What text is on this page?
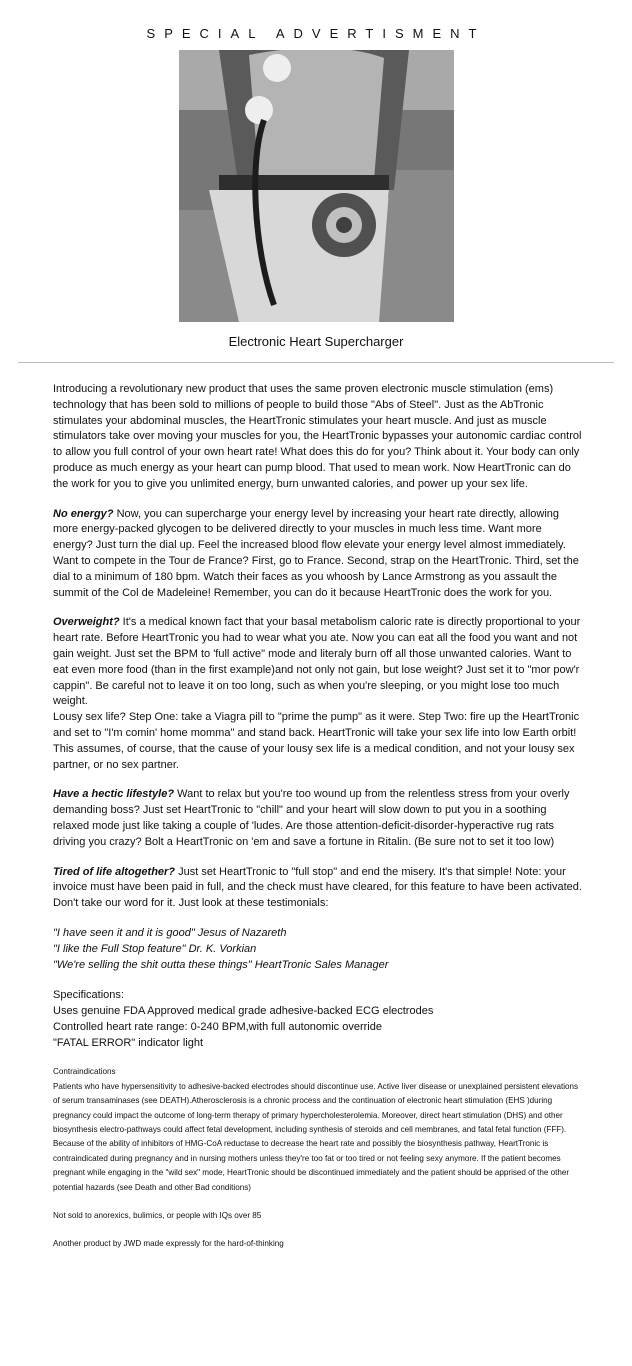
SPECIAL ADVERTISMENT
Electronic Heart Supercharger

Introducing a revolutionary new product that uses the same proven electronic muscle stimulation (ems) technology that has been sold to millions of people to build those "Abs of Steel". Just as the AbTronic stimulates your abdominal muscles, the HeartTronic stimulates your heart muscle. And just as muscle stimulators take over moving your muscles for you, the HeartTronic bypasses your autonomic cardiac control to allow you full control of your own heart rate! What does this do for you? Think about it. Your body can only produce as much energy as your heart can pump blood. That used to mean work. Now HeartTronic can do the work for you to give you unlimited energy, burn unwanted calories, and power up your sex life.

No energy? Now, you can supercharge your energy level by increasing your heart rate directly, allowing more energy-packed glycogen to be delivered directly to your muscles in much less time. Want more energy? Just turn the dial up. Feel the increased blood flow elevate your energy level almost immediately. Want to compete in the Tour de France? First, go to France. Second, strap on the HeartTronic. Third, set the dial to a minimum of 180 bpm. Watch their faces as you whoosh by Lance Armstrong as you assault the summit of the Col de Madeleine! Remember, you can do it because HeartTronic does the work for you.

Overweight? It's a medical known fact that your basal metabolism caloric rate is directly proportional to your heart rate. Before HeartTronic you had to wear what you ate. Now you can eat all the food you want and not gain weight. Just set the BPM to 'full active" mode and literaly burn off all those unwanted calories. Want to eat even more food (than in the first example)and not only not gain, but lose weight? Just set it to "mor pow'r cappin". Be careful not to leave it on too long, such as when you're sleeping, or you might lose too much weight.
Lousy sex life? Step One: take a Viagra pill to "prime the pump" as it were. Step Two: fire up the HeartTronic and set to "I'm comin' home momma" and stand back. HeartTronic will take your sex life into low Earth orbit! This assumes, of course, that the cause of your lousy sex life is a medical condition, and not your lousy sex partner, or no sex partner.

Have a hectic lifestyle? Want to relax but you're too wound up from the relentless stress from your overly demanding boss? Just set HeartTronic to "chill" and your heart will slow down to put you in a soothing relaxed mode just like taking a couple of 'ludes. Are those attention-deficit-disorder-hyperactive rug rats driving you crazy? Bolt a HeartTronic on 'em and save a fortune in Ritalin. (Be sure not to set it too low)

Tired of life altogether? Just set HeartTronic to "full stop" and end the misery. It's that simple! Note: your invoice must have been paid in full, and the check must have cleared, for this feature to have been activated.
Don't take our word for it. Just look at these testimonials:

"I have seen it and it is good" Jesus of Nazareth
"I like the Full Stop feature" Dr. K. Vorkian
"We're selling the shit outta these things" HeartTronic Sales Manager

Specifications:
Uses genuine FDA Approved medical grade adhesive-backed ECG electrodes
Controlled heart rate range: 0-240 BPM,with full autonomic override
"FATAL ERROR" indicator light

Contraindications
Patients who have hypersensitivity to adhesive-backed electrodes should discontinue use. Active liver disease or unexplained persistent elevations of serum transaminases (see DEATH).Atherosclerosis is a chronic process and the continuation of electronic heart stimulation (EHS )during pregnancy could impact the outcome of long-term therapy of primary hypercholesterolemia. Moreover, direct heart stimulation (DHS) and other biosynthesis electro-pathways could affect fetal development, including synthesis of steroids and cell membranes, and fatal fetal function (FFF). Because of the ability of inhibitors of HMG-CoA reductase to decrease the heart rate and possibly the biosynthesis pathway, HeartTronic is contraindicated during pregnancy and in nursing mothers unless they're too fat or too tired or not feeling sexy anymore. If the patient becomes pregnant while engaging in the "wild sex" mode, HeartTronic should be discontinued immediately and the patient should be apprised of the other potential hazards (see Death and other Bad conditions)

Not sold to anorexics, bulimics, or people with IQs over 85

Another product by JWD made expressly for the hard-of-thinking
